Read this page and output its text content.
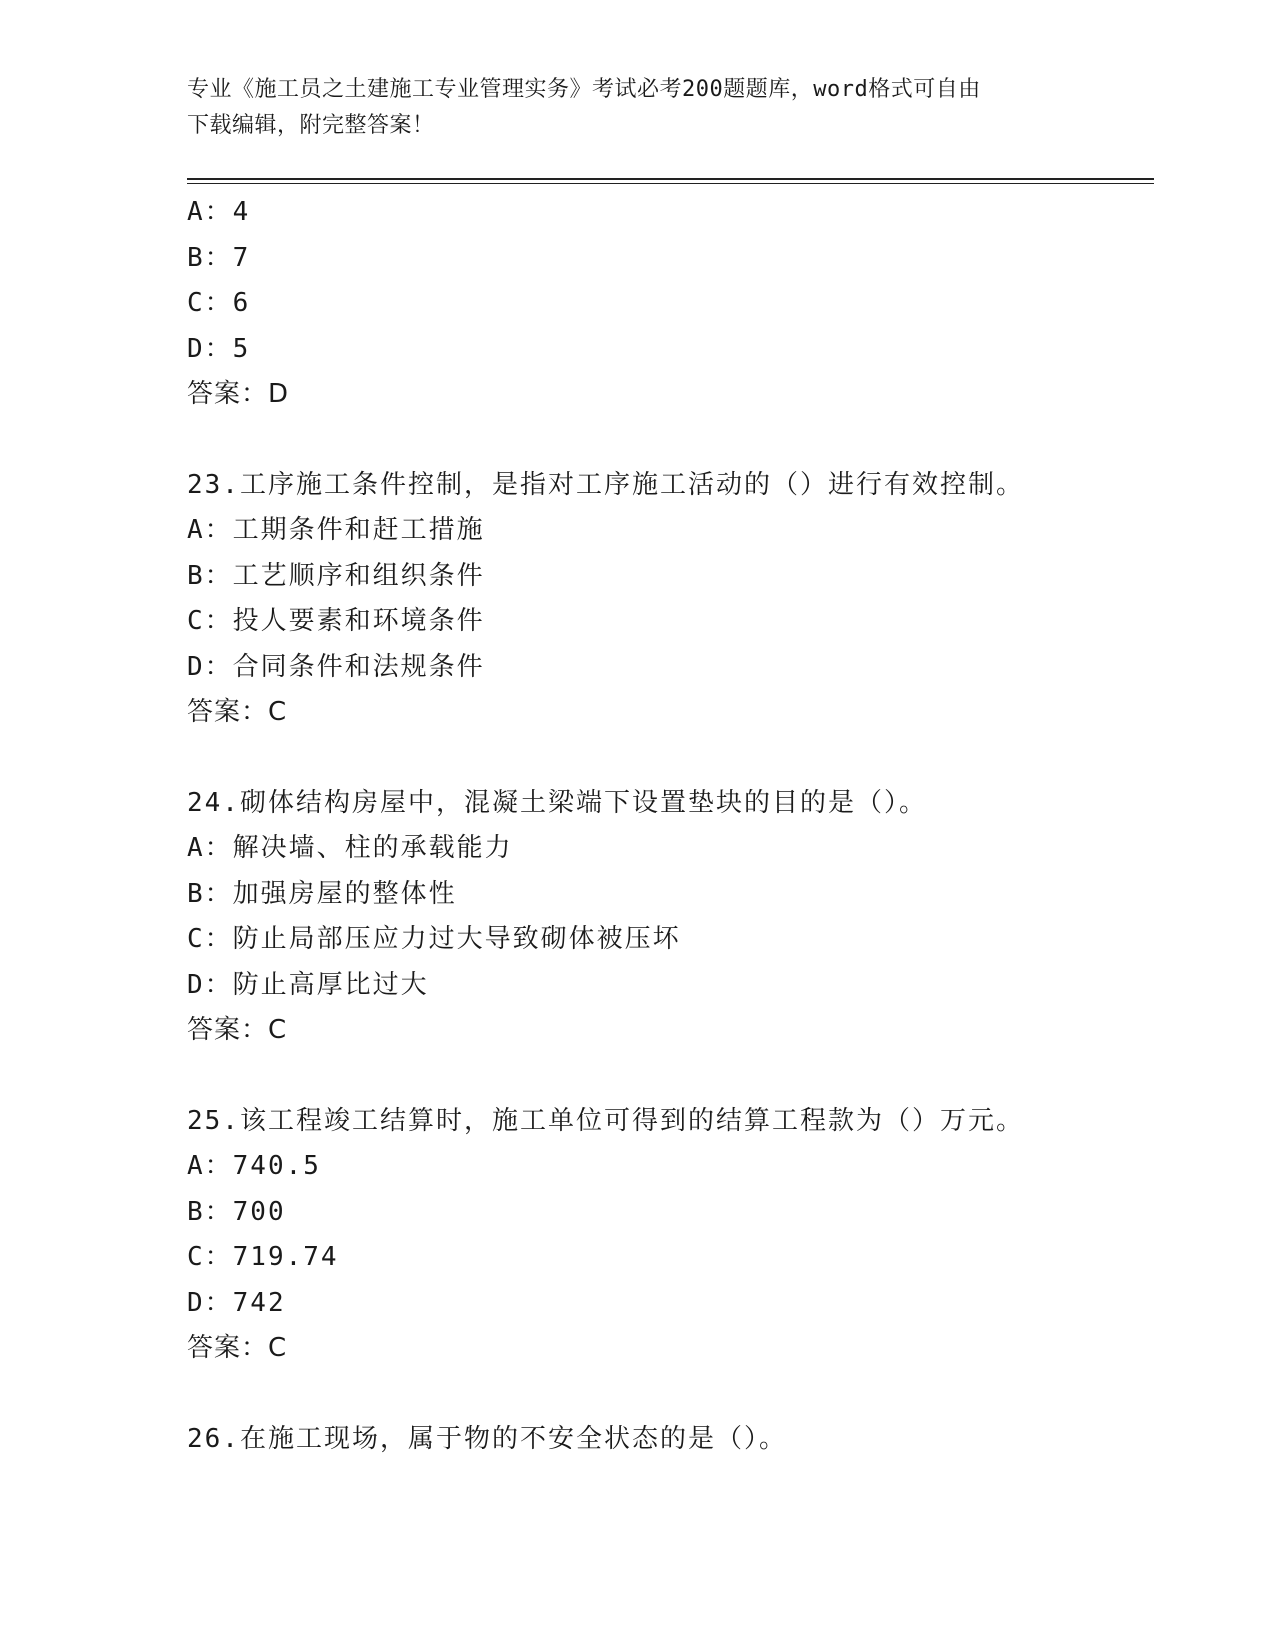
专业《施工员之土建施工专业管理实务》考试必考200题题库，word格式可自由
下载编辑，附完整答案！
A：4
B：7
C：6
D：5
答案：D
23.工序施工条件控制，是指对工序施工活动的（）进行有效控制。
A：工期条件和赶工措施
B：工艺顺序和组织条件
C：投人要素和环境条件
D：合同条件和法规条件
答案：C
24.砌体结构房屋中，混凝土梁端下设置垫块的目的是（）。
A：解决墙、柱的承载能力
B：加强房屋的整体性
C：防止局部压应力过大导致砌体被压坏
D：防止高厚比过大
答案：C
25.该工程竣工结算时，施工单位可得到的结算工程款为（）万元。
A：740.5
B：700
C：719.74
D：742
答案：C
26.在施工现场，属于物的不安全状态的是（）。
